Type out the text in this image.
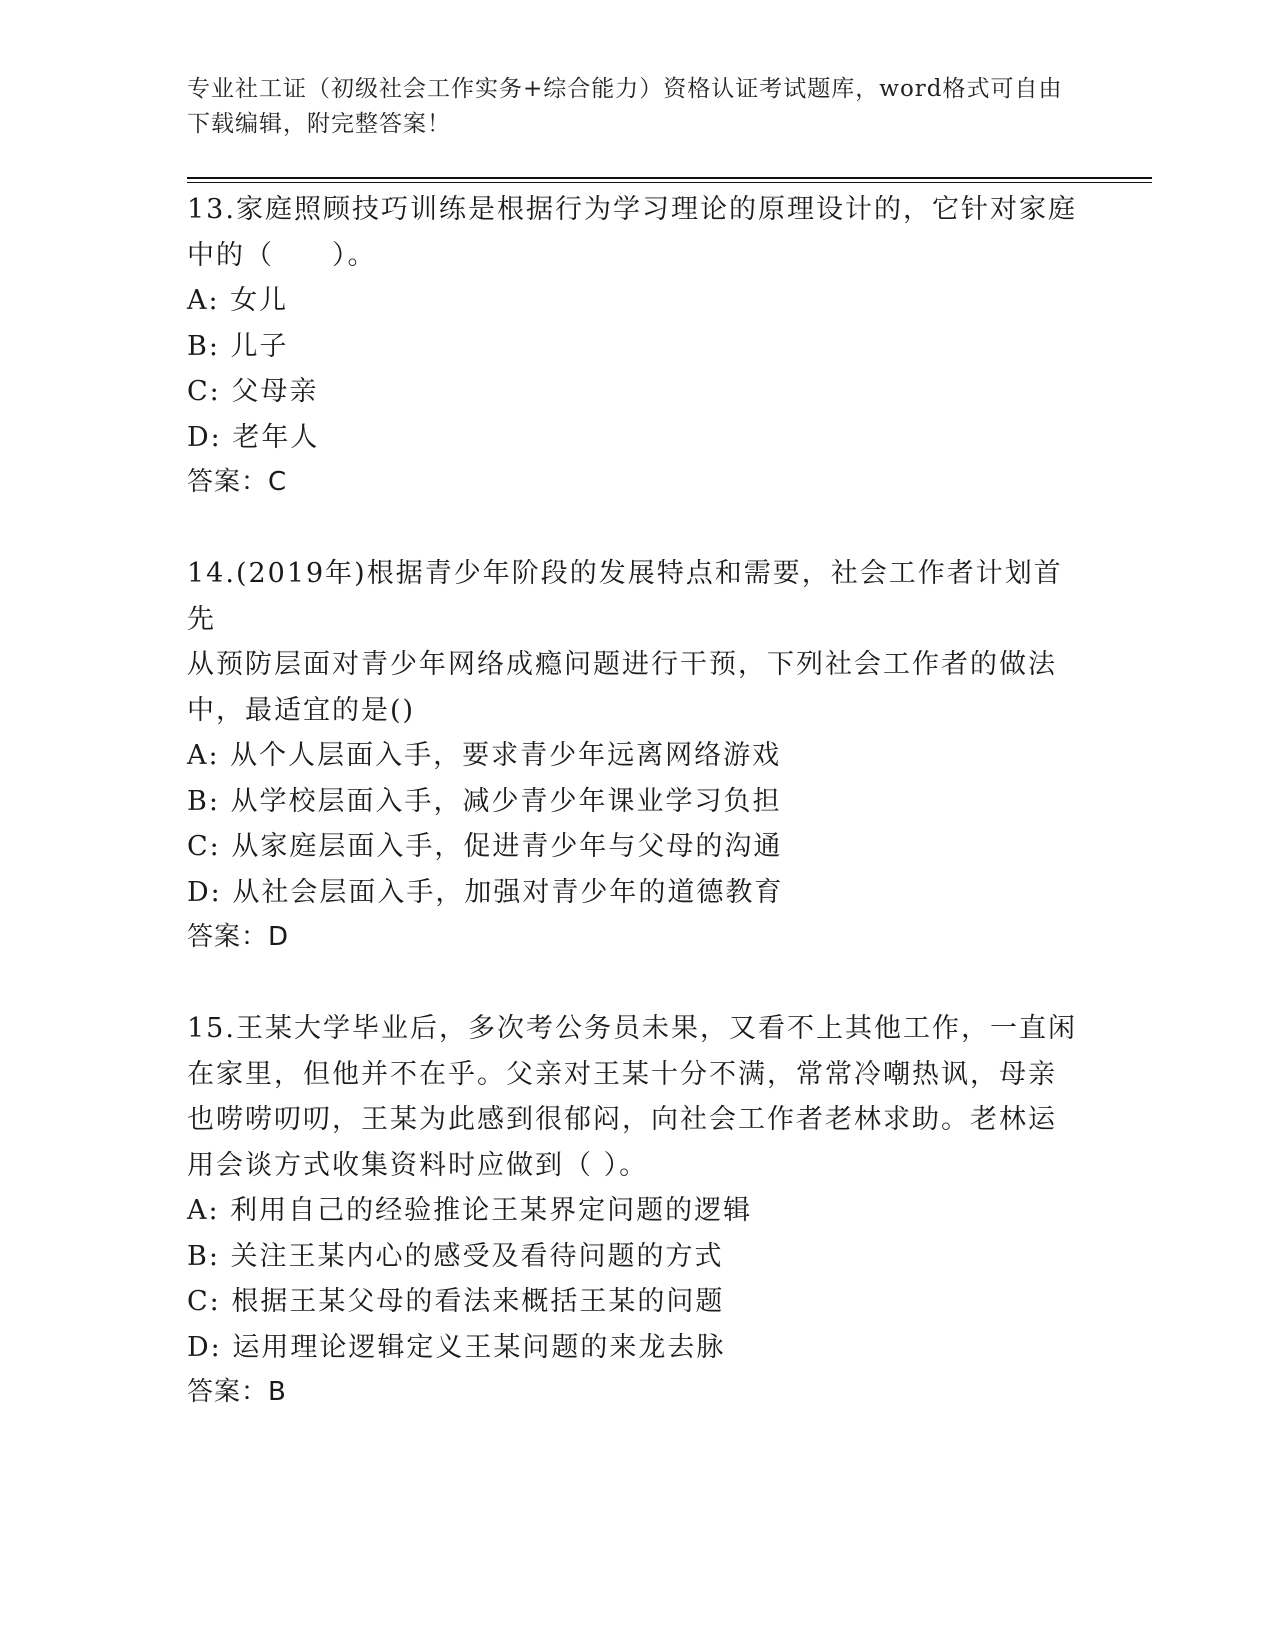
专业社工证（初级社会工作实务+综合能力）资格认证考试题库，word格式可自由
下载编辑，附完整答案！

13.家庭照顾技巧训练是根据行为学习理论的原理设计的，它针对家庭

中的（　　）。

A: 女儿

B: 儿子

C: 父母亲

D: 老年人

答案：C

14.(2019年)根据青少年阶段的发展特点和需要，社会工作者计划首先

从预防层面对青少年网络成瘾问题进行干预，下列社会工作者的做法

中，最适宜的是()

A: 从个人层面入手，要求青少年远离网络游戏

B: 从学校层面入手，减少青少年课业学习负担

C: 从家庭层面入手，促进青少年与父母的沟通

D: 从社会层面入手，加强对青少年的道德教育

答案：D

15.王某大学毕业后，多次考公务员未果，又看不上其他工作，一直闲

在家里，但他并不在乎。父亲对王某十分不满，常常冷嘲热讽，母亲

也唠唠叨叨，王某为此感到很郁闷，向社会工作者老林求助。老林运

用会谈方式收集资料时应做到（ ）。

A: 利用自己的经验推论王某界定问题的逻辑

B: 关注王某内心的感受及看待问题的方式

C: 根据王某父母的看法来概括王某的问题

D: 运用理论逻辑定义王某问题的来龙去脉

答案：B
